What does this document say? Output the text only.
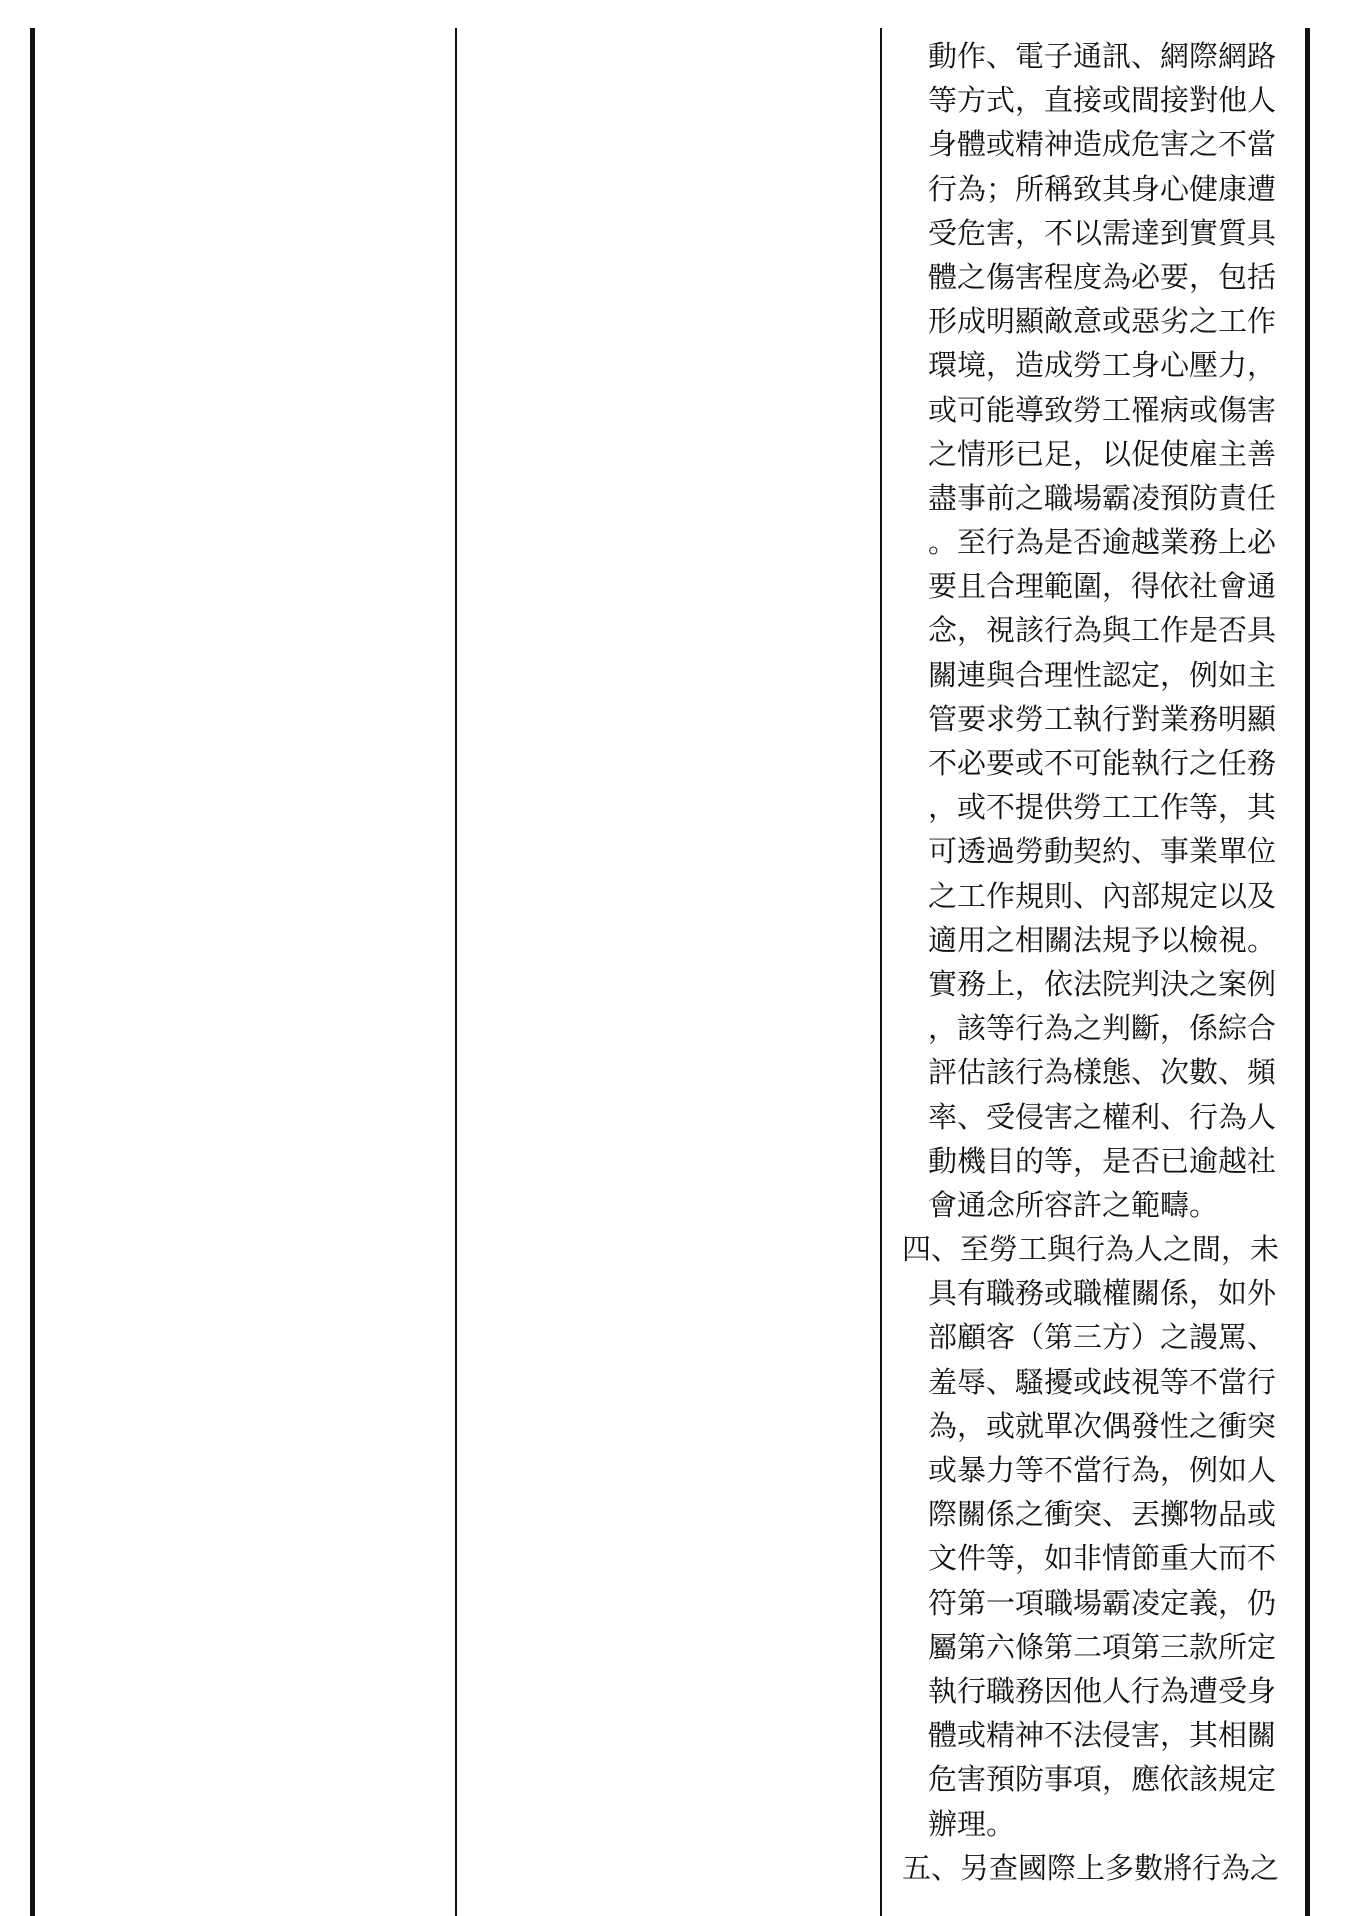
動作、電子通訊、網際網路
等方式，直接或間接對他人
身體或精神造成危害之不當
行為；所稱致其身心健康遭
受危害，不以需達到實質具
體之傷害程度為必要，包括
形成明顯敵意或惡劣之工作
環境，造成勞工身心壓力，
或可能導致勞工罹病或傷害
之情形已足，以促使雇主善
盡事前之職場霸凌預防責任
。至行為是否逾越業務上必
要且合理範圍，得依社會通
念，視該行為與工作是否具
關連與合理性認定，例如主
管要求勞工執行對業務明顯
不必要或不可能執行之任務
，或不提供勞工工作等，其
可透過勞動契約、事業單位
之工作規則、內部規定以及
適用之相關法規予以檢視。
實務上，依法院判決之案例
，該等行為之判斷，係綜合
評估該行為樣態、次數、頻
率、受侵害之權利、行為人
動機目的等，是否已逾越社
會通念所容許之範疇。
四、至勞工與行為人之間，未
具有職務或職權關係，如外
部顧客（第三方）之謾罵、
羞辱、騷擾或歧視等不當行
為，或就單次偶發性之衝突
或暴力等不當行為，例如人
際關係之衝突、丟擲物品或
文件等，如非情節重大而不
符第一項職場霸凌定義，仍
屬第六條第二項第三款所定
執行職務因他人行為遭受身
體或精神不法侵害，其相關
危害預防事項，應依該規定
辦理。
五、另查國際上多數將行為之
